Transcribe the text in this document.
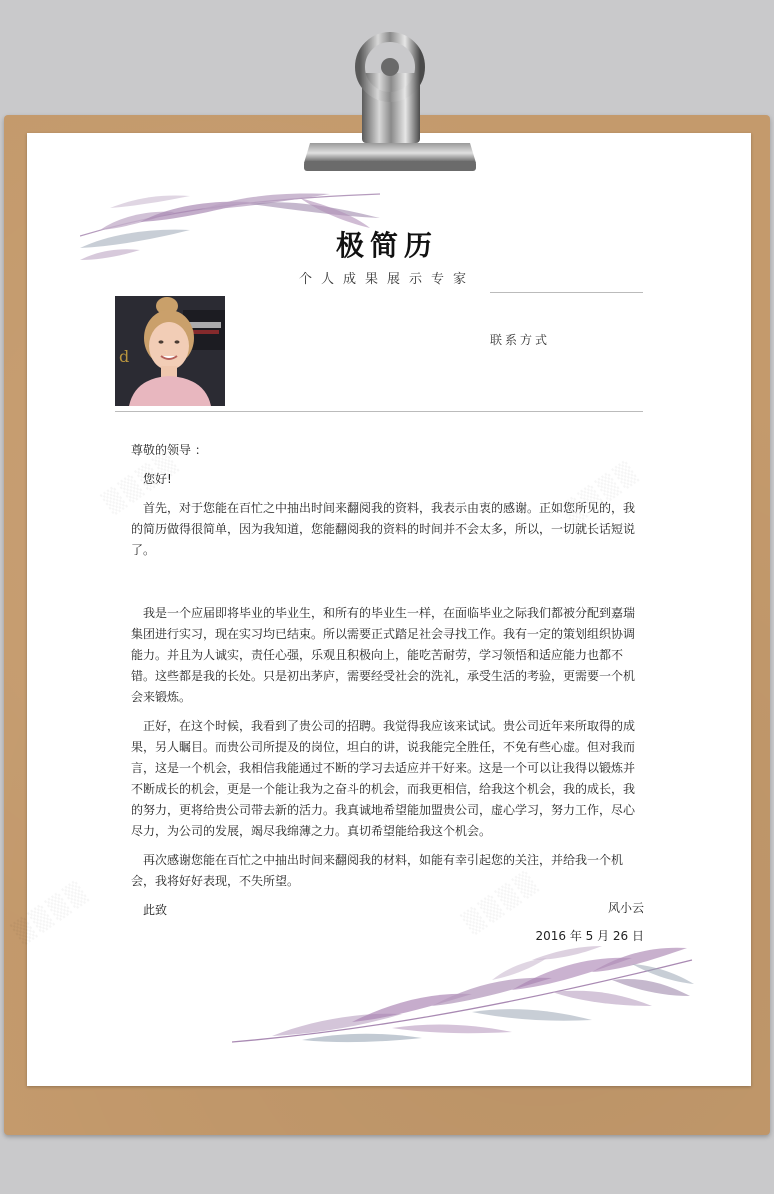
极简历
个人成果展示专家
d
联系方式

尊敬的领导 ：

您好!

首先，对于您能在百忙之中抽出时间来翻阅我的资料，我表示由衷的感谢。正如您所见的，我的简历做得很简单，因为我知道，您能翻阅我的资料的时间并不会太多，所以，一切就长话短说了。

我是一个应届即将毕业的毕业生，和所有的毕业生一样，在面临毕业之际我们都被分配到嘉瑞集团进行实习，现在实习均已结束。所以需要正式踏足社会寻找工作。我有一定的策划组织协调能力。并且为人诚实，责任心强，乐观且积极向上，能吃苦耐劳，学习领悟和适应能力也都不错。这些都是我的长处。只是初出茅庐，需要经受社会的洗礼，承受生活的考验，更需要一个机会来锻炼。

正好，在这个时候，我看到了贵公司的招聘。我觉得我应该来试试。贵公司近年来所取得的成果，另人瞩目。而贵公司所提及的岗位，坦白的讲，说我能完全胜任，不免有些心虚。但对我而言，这是一个机会，我相信我能通过不断的学习去适应并干好来。这是一个可以让我得以锻炼并不断成长的机会，更是一个能让我为之奋斗的机会，而我更相信，给我这个机会，我的成长，我的努力，更将给贵公司带去新的活力。我真诚地希望能加盟贵公司，虚心学习，努力工作，尽心尽力，为公司的发展，竭尽我绵薄之力。真切希望能给我这个机会。

再次感谢您能在百忙之中抽出时间来翻阅我的材料，如能有幸引起您的关注，并给我一个机会，我将好好表现，不失所望。

此致	风小云
2016 年 5 月 26 日
